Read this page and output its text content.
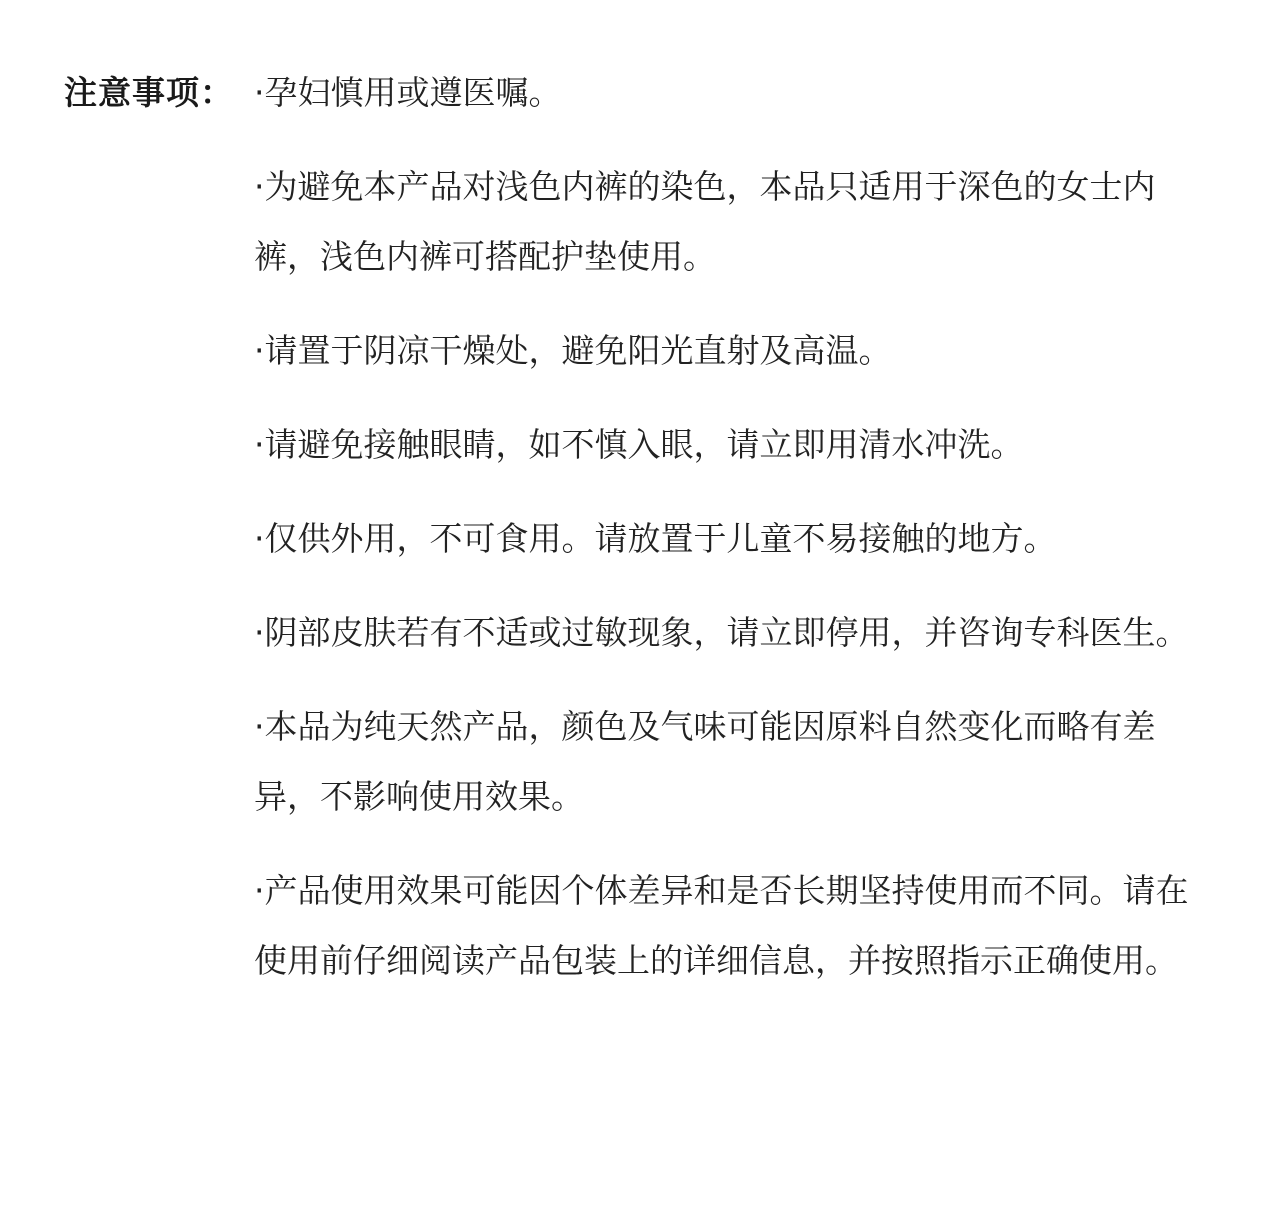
注意事项： ·孕妇慎用或遵医嘱。
·为避免本产品对浅色内裤的染色，本品只适用于深色的女士内裤，浅色内裤可搭配护垫使用。
·请置于阴凉干燥处，避免阳光直射及高温。
·请避免接触眼睛，如不慎入眼，请立即用清水冲洗。
·仅供外用，不可食用。请放置于儿童不易接触的地方。
·阴部皮肤若有不适或过敏现象，请立即停用，并咨询专科医生。
·本品为纯天然产品，颜色及气味可能因原料自然变化而略有差异，不影响使用效果。
·产品使用效果可能因个体差异和是否长期坚持使用而不同。请在使用前仔细阅读产品包装上的详细信息，并按照指示正确使用。
